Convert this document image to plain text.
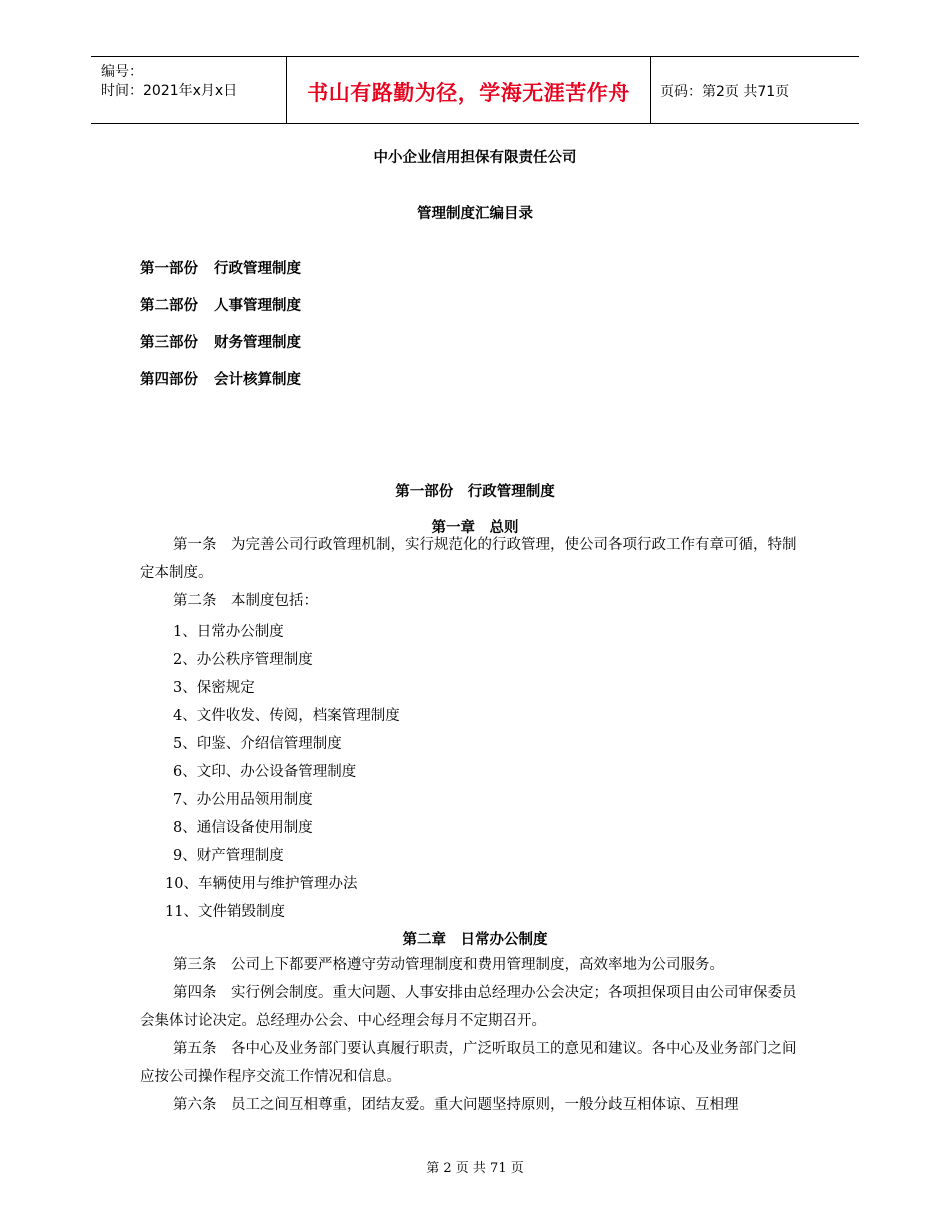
编号：
时间：2021年x月x日	书山有路勤为径，学海无涯苦作舟	页码：第2页 共71页
中小企业信用担保有限责任公司
管理制度汇编目录
第一部份 行政管理制度
第二部份 人事管理制度
第三部份 财务管理制度
第四部份 会计核算制度
第一部份　行政管理制度
第一章　总则
第一条　为完善公司行政管理机制，实行规范化的行政管理，使公司各项行政工作有章可循，特制定本制度。
第二条　本制度包括：
1、日常办公制度
2、办公秩序管理制度
3、保密规定
4、文件收发、传阅，档案管理制度
5、印鉴、介绍信管理制度
6、文印、办公设备管理制度
7、办公用品领用制度
8、通信设备使用制度
9、财产管理制度
10、车辆使用与维护管理办法
11、文件销毁制度
第二章　日常办公制度
第三条　公司上下都要严格遵守劳动管理制度和费用管理制度，高效率地为公司服务。
第四条　实行例会制度。重大问题、人事安排由总经理办公会决定；各项担保项目由公司审保委员会集体讨论决定。总经理办公会、中心经理会每月不定期召开。
第五条　各中心及业务部门要认真履行职责，广泛听取员工的意见和建议。各中心及业务部门之间应按公司操作程序交流工作情况和信息。
第六条　员工之间互相尊重，团结友爱。重大问题坚持原则，一般分歧互相体谅、互相理
第 2 页 共 71 页
